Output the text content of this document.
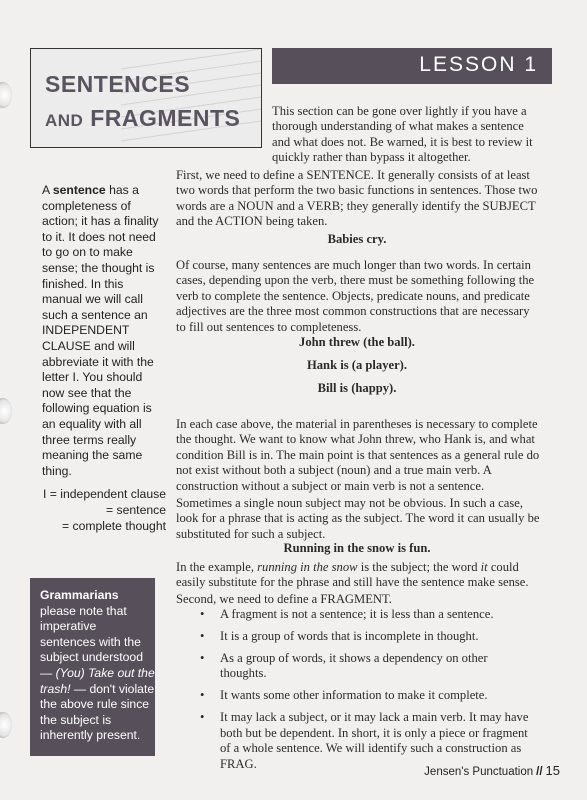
SENTENCES
AND FRAGMENTS
LESSON 1
A sentence has a completeness of action; it has a finality to it. It does not need to go on to make sense; the thought is finished. In this manual we will call such a sentence an INDEPENDENT CLAUSE and will abbreviate it with the letter I. You should now see that the following equation is an equality with all three terms really meaning the same thing.
I = independent clause
= sentence
= complete thought
Grammarians please note that imperative sentences with the subject understood — (You) Take out the trash! — don't violate the above rule since the subject is inherently present.

This section can be gone over lightly if you have a thorough understanding of what makes a sentence and what does not. Be warned, it is best to review it quickly rather than bypass it altogether.

First, we need to define a SENTENCE. It generally consists of at least two words that perform the two basic functions in sentences. Those two words are a NOUN and a VERB; they generally identify the SUBJECT and the ACTION being taken.

Babies cry.

Of course, many sentences are much longer than two words. In certain cases, depending upon the verb, there must be something following the verb to complete the sentence. Objects, predicate nouns, and predicate adjectives are the three most common constructions that are necessary to fill out sentences to completeness.

John threw (the ball).
Hank is (a player).
Bill is (happy).

In each case above, the material in parentheses is necessary to complete the thought. We want to know what John threw, who Hank is, and what condition Bill is in. The main point is that sentences as a general rule do not exist without both a subject (noun) and a true main verb. A construction without a subject or main verb is not a sentence.

Sometimes a single noun subject may not be obvious. In such a case, look for a phrase that is acting as the subject. The word it can usually be substituted for such a subject.

Running in the snow is fun.

In the example, running in the snow is the subject; the word it could easily substitute for the phrase and still have the sentence make sense.

Second, we need to define a FRAGMENT.

• A fragment is not a sentence; it is less than a sentence.
• It is a group of words that is incomplete in thought.
• As a group of words, it shows a dependency on other thoughts.
• It wants some other information to make it complete.
• It may lack a subject, or it may lack a main verb. It may have both but be dependent. In short, it is only a piece or fragment of a whole sentence. We will identify such a construction as FRAG.
Jensen's Punctuation // 15
